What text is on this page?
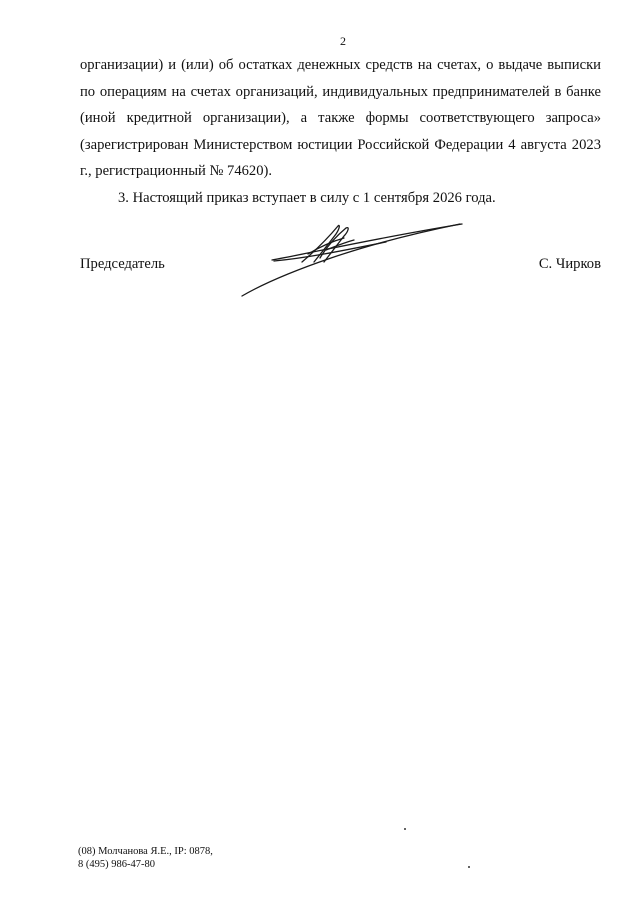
2

организации) и (или) об остатках денежных средств на счетах, о выдаче выписки по операциям на счетах организаций, индивидуальных предпринимателей в банке (иной кредитной организации), а также формы соответствующего запроса» (зарегистрирован Министерством юстиции Российской Федерации 4 августа 2023 г., регистрационный № 74620).

3. Настоящий приказ вступает в силу с 1 сентября 2026 года.

Председатель	С. Чирков
(08) Молчанова Я.Е., IP: 0878,
8 (495) 986-47-80
